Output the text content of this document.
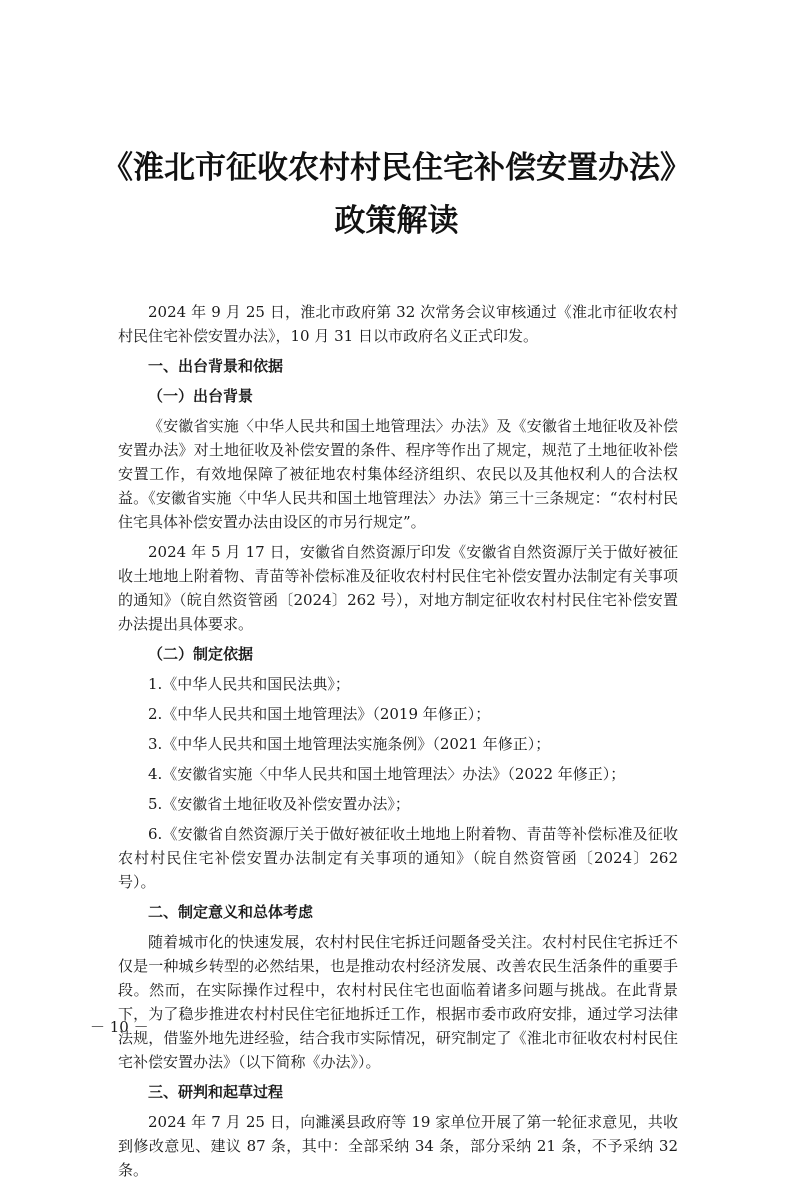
《淮北市征收农村村民住宅补偿安置办法》
政策解读

2024 年 9 月 25 日，淮北市政府第 32 次常务会议审核通过《淮北市征收农村村民住宅补偿安置办法》，10 月 31 日以市政府名义正式印发。

一、出台背景和依据

（一）出台背景

《安徽省实施〈中华人民共和国土地管理法〉办法》及《安徽省土地征收及补偿安置办法》对土地征收及补偿安置的条件、程序等作出了规定，规范了土地征收补偿安置工作，有效地保障了被征地农村集体经济组织、农民以及其他权利人的合法权益。《安徽省实施〈中华人民共和国土地管理法〉办法》第三十三条规定：“农村村民住宅具体补偿安置办法由设区的市另行规定”。

2024 年 5 月 17 日，安徽省自然资源厅印发《安徽省自然资源厅关于做好被征收土地地上附着物、青苗等补偿标准及征收农村村民住宅补偿安置办法制定有关事项的通知》（皖自然资管函〔2024〕262 号），对地方制定征收农村村民住宅补偿安置办法提出具体要求。

（二）制定依据

1.《中华人民共和国民法典》；

2.《中华人民共和国土地管理法》（2019 年修正）；

3.《中华人民共和国土地管理法实施条例》（2021 年修正）；

4.《安徽省实施〈中华人民共和国土地管理法〉办法》（2022 年修正）；

5.《安徽省土地征收及补偿安置办法》；

6.《安徽省自然资源厅关于做好被征收土地地上附着物、青苗等补偿标准及征收农村村民住宅补偿安置办法制定有关事项的通知》（皖自然资管函〔2024〕262 号）。

二、制定意义和总体考虑

随着城市化的快速发展，农村村民住宅拆迁问题备受关注。农村村民住宅拆迁不仅是一种城乡转型的必然结果，也是推动农村经济发展、改善农民生活条件的重要手段。然而，在实际操作过程中，农村村民住宅也面临着诸多问题与挑战。在此背景下，为了稳步推进农村村民住宅征地拆迁工作，根据市委市政府安排，通过学习法律法规，借鉴外地先进经验，结合我市实际情况，研究制定了《淮北市征收农村村民住宅补偿安置办法》（以下简称《办法》）。

三、研判和起草过程

2024 年 7 月 25 日，向濉溪县政府等 19 家单位开展了第一轮征求意见，共收到修改意见、建议 87 条，其中：全部采纳 34 条，部分采纳 21 条，不予采纳 32 条。

－ 10 －
